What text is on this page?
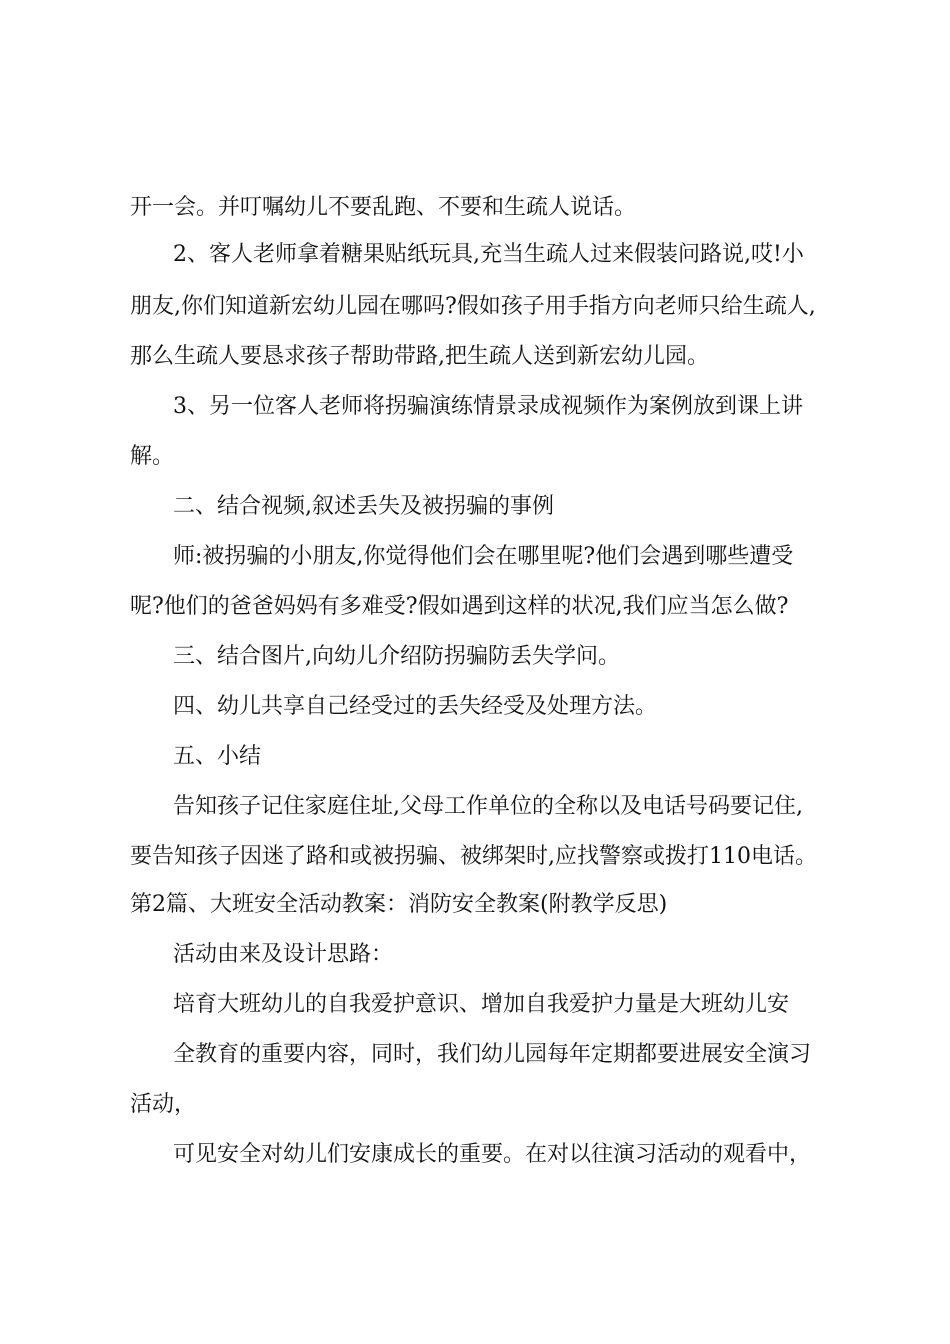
开一会。并叮嘱幼儿不要乱跑、不要和生疏人说话。
2、客人老师拿着糖果贴纸玩具,充当生疏人过来假装问路说,哎!小
朋友,你们知道新宏幼儿园在哪吗?假如孩子用手指方向老师只给生疏人,
那么生疏人要恳求孩子帮助带路,把生疏人送到新宏幼儿园。
3、另一位客人老师将拐骗演练情景录成视频作为案例放到课上讲
解。
二、结合视频,叙述丢失及被拐骗的事例
师:被拐骗的小朋友,你觉得他们会在哪里呢?他们会遇到哪些遭受
呢?他们的爸爸妈妈有多难受?假如遇到这样的状况,我们应当怎么做?
三、结合图片,向幼儿介绍防拐骗防丢失学问。
四、幼儿共享自己经受过的丢失经受及处理方法。
五、小结
告知孩子记住家庭住址,父母工作单位的全称以及电话号码要记住,
要告知孩子因迷了路和或被拐骗、被绑架时,应找警察或拨打110电话。
第2篇、大班安全活动教案：消防安全教案(附教学反思)
活动由来及设计思路：
培育大班幼儿的自我爱护意识、增加自我爱护力量是大班幼儿安
全教育的重要内容，同时，我们幼儿园每年定期都要进展安全演习
活动，
可见安全对幼儿们安康成长的重要。在对以往演习活动的观看中，
